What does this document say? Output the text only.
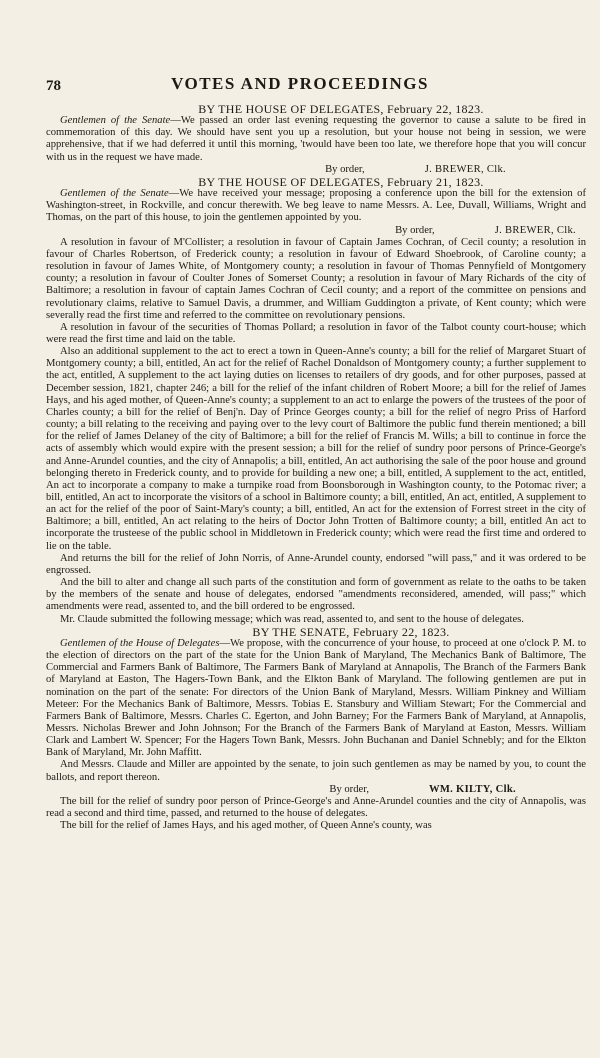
78	VOTES AND PROCEEDINGS

BY THE HOUSE OF DELEGATES, February 22, 1823.

Gentlemen of the Senate—We passed an order last evening requesting the governor to cause a salute to be fired in commemoration of this day. We should have sent you up a resolution, but your house not being in session, we were apprehensive, that if we had deferred it until this morning, 'twould have been too late, we therefore hope that you will concur with us in the request we have made.

By order,	J. BREWER, Clk.

BY THE HOUSE OF DELEGATES, February 21, 1823.

Gentlemen of the Senate—We have received your message; proposing a conference upon the bill for the extension of Washington-street, in Rockville, and concur therewith. We beg leave to name Messrs. A. Lee, Duvall, Williams, Wright and Thomas, on the part of this house, to join the gentlemen appointed by you.

By order,	J. BREWER, Clk.

A resolution in favour of M'Collister; a resolution in favour of Captain James Cochran, of Cecil county; a resolution in favour of Charles Robertson, of Frederick county; a resolution in favour of Edward Shoebrook, of Caroline county; a resolution in favour of James White, of Montgomery county; a resolution in favour of Thomas Pennyfield of Montgomery county; a resolution in favour of Coulter Jones of Somerset County; a resolution in favour of Mary Richards of the city of Baltimore; a resolution in favour of captain James Cochran of Cecil county; and a report of the committee on pensions and revolutionary claims, relative to Samuel Davis, a drummer, and William Guddington a private, of Kent county; which were severally read the first time and referred to the committee on revolutionary pensions.

A resolution in favour of the securities of Thomas Pollard; a resolution in favor of the Talbot county court-house; which were read the first time and laid on the table.

Also an additional supplement to the act to erect a town in Queen-Anne's county; a bill for the relief of Margaret Stuart of Montgomery county; a bill, entitled, An act for the relief of Rachel Donaldson of Montgomery county; a further supplement to the act, entitled, A supplement to the act laying duties on licenses to retailers of dry goods, and for other purposes, passed at December session, 1821, chapter 246; a bill for the relief of the infant children of Robert Moore; a bill for the relief of James Hays, and his aged mother, of Queen-Anne's county; a supplement to an act to enlarge the powers of the trustees of the poor of Charles county; a bill for the relief of Benj'n. Day of Prince Georges county; a bill for the relief of negro Priss of Harford county; a bill relating to the receiving and paying over to the levy court of Baltimore the public fund therein mentioned; a bill for the relief of James Delaney of the city of Baltimore; a bill for the relief of Francis M. Wills; a bill to continue in force the acts of assembly which would expire with the present session; a bill for the relief of sundry poor persons of Prince-George's and Anne-Arundel counties, and the city of Annapolis; a bill, entitled, An act authorising the sale of the poor house and ground belonging thereto in Frederick county, and to provide for building a new one; a bill, entitled, A supplement to the act, entitled, An act to incorporate a company to make a turnpike road from Boonsborough in Washington county, to the Potomac river; a bill, entitled, An act to incorporate the visitors of a school in Baltimore county; a bill, entitled, An act, entitled, A supplement to an act for the relief of the poor of Saint-Mary's county; a bill, entitled, An act for the extension of Forrest street in the city of Baltimore; a bill, entitled, An act relating to the heirs of Doctor John Trotten of Baltimore county; a bill, entitled An act to incorporate the trusteese of the public school in Middletown in Frederick county; which were read the first time and ordered to lie on the table.

And returns the bill for the relief of John Norris, of Anne-Arundel county, endorsed "will pass," and it was ordered to be engrossed.

And the bill to alter and change all such parts of the constitution and form of government as relate to the oaths to be taken by the members of the senate and house of delegates, endorsed "amendments reconsidered, amended, will pass;" which amendments were read, assented to, and the bill ordered to be engrossed.

Mr. Claude submitted the following message; which was read, assented to, and sent to the house of delegates.

BY THE SENATE, February 22, 1823.

Gentlemen of the House of Delegates—We propose, with the concurrence of your house, to proceed at one o'clock P. M. to the election of directors on the part of the state for the Union Bank of Maryland, The Mechanics Bank of Baltimore, The Commercial and Farmers Bank of Baltimore, The Farmers Bank of Maryland at Annapolis, The Branch of the Farmers Bank of Maryland at Easton, The Hagers-Town Bank, and the Elkton Bank of Maryland. The following gentlemen are put in nomination on the part of the senate: For directors of the Union Bank of Maryland, Messrs. William Pinkney and William Meteer: For the Mechanics Bank of Baltimore, Messrs. Tobias E. Stansbury and William Stewart; For the Commercial and Farmers Bank of Baltimore, Messrs. Charles C. Egerton, and John Barney; For the Farmers Bank of Maryland, at Annapolis, Messrs. Nicholas Brewer and John Johnson; For the Branch of the Farmers Bank of Maryland at Easton, Messrs. William Clark and Lambert W. Spencer; For the Hagers Town Bank, Messrs. John Buchanan and Daniel Schnebly; and for the Elkton Bank of Maryland, Mr. John Maffitt.

And Messrs. Claude and Miller are appointed by the senate, to join such gentlemen as may be named by you, to count the ballots, and report thereon.

By order,	WM. KILTY, Clk.

The bill for the relief of sundry poor person of Prince-George's and Anne-Arundel counties and the city of Annapolis, was read a second and third time, passed, and returned to the house of delegates.

The bill for the relief of James Hays, and his aged mother, of Queen Anne's county, was
